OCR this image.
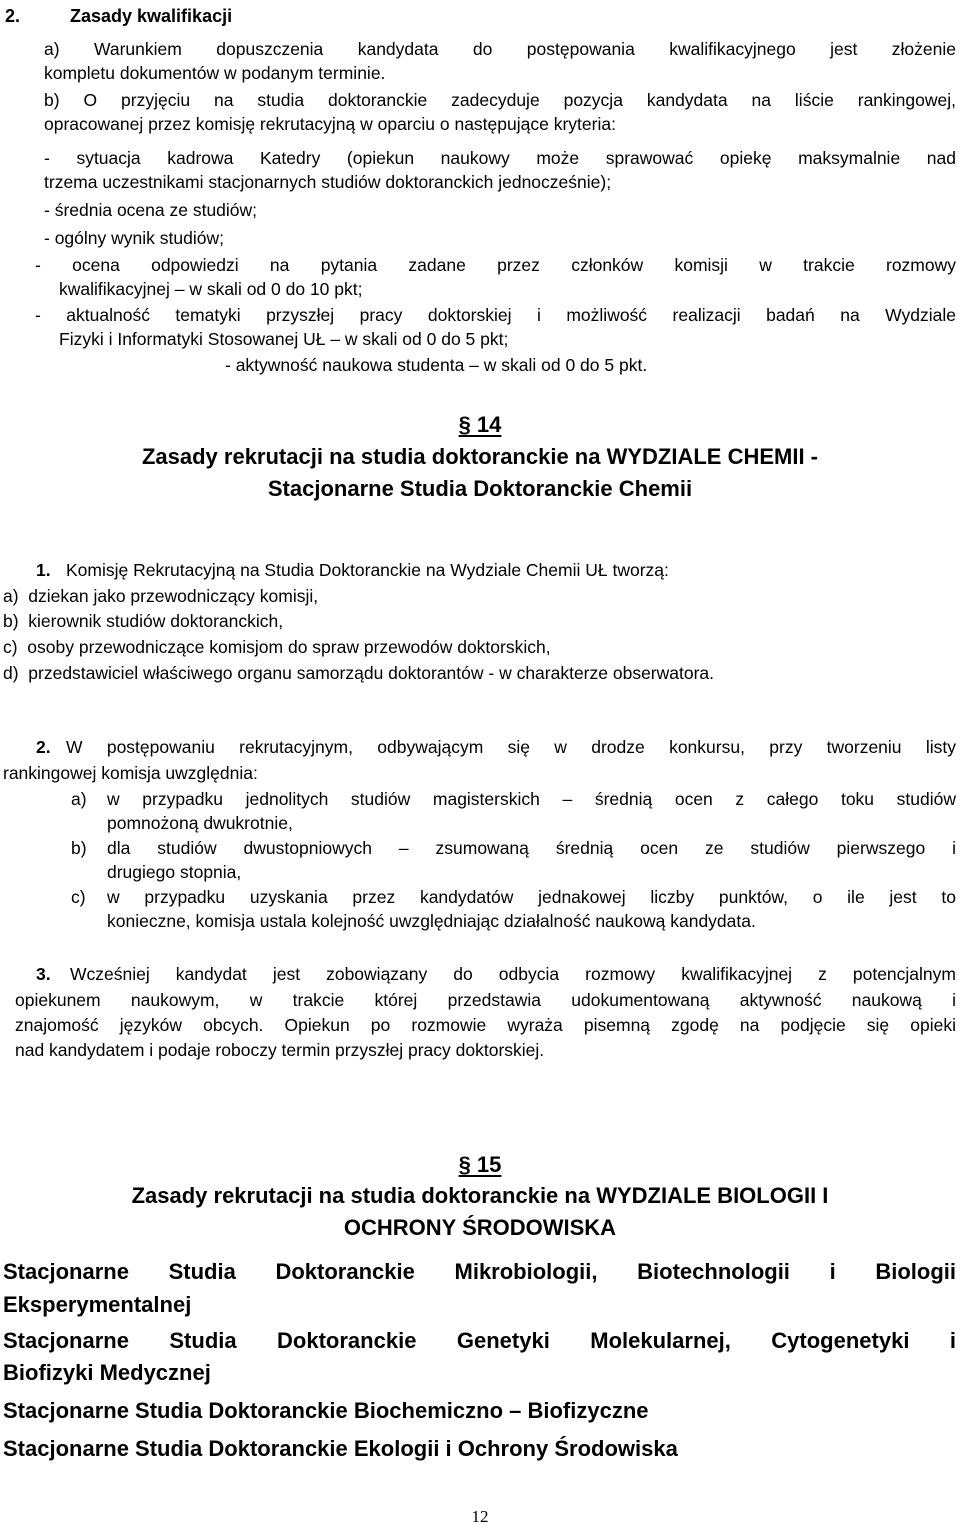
2.	Zasady kwalifikacji
a) Warunkiem dopuszczenia kandydata do postępowania kwalifikacyjnego jest złożenie
kompletu dokumentów w podanym terminie.
b) O przyjęciu na studia doktoranckie zadecyduje pozycja kandydata na liście rankingowej,
opracowanej przez komisję rekrutacyjną w oparciu o następujące kryteria:
- sytuacja kadrowa Katedry (opiekun naukowy może sprawować opiekę maksymalnie nad
trzema uczestnikami stacjonarnych studiów doktoranckich jednocześnie);
- średnia ocena ze studiów;
- ogólny wynik studiów;
- ocena odpowiedzi na pytania zadane przez członków komisji w trakcie rozmowy
kwalifikacyjnej – w skali od 0 do 10 pkt;
- aktualność tematyki przyszłej pracy doktorskiej i możliwość realizacji badań na Wydziale
Fizyki i Informatyki Stosowanej UŁ – w skali od 0 do 5 pkt;
- aktywność naukowa studenta – w skali od 0 do 5 pkt.
§ 14
Zasady rekrutacji na studia doktoranckie na WYDZIALE CHEMII -
Stacjonarne Studia Doktoranckie Chemii
1. Komisję Rekrutacyjną na Studia Doktoranckie na Wydziale Chemii UŁ tworzą:
a)  dziekan jako przewodniczący komisji,
b)  kierownik studiów doktoranckich,
c)  osoby przewodniczące komisjom do spraw przewodów doktorskich,
d)  przedstawiciel właściwego organu samorządu doktorantów - w charakterze obserwatora.
2. W postępowaniu rekrutacyjnym, odbywającym się w drodze konkursu, przy tworzeniu listy
rankingowej komisja uwzględnia:
a) w przypadku jednolitych studiów magisterskich – średnią ocen z całego toku studiów
pomnożoną dwukrotnie,
b) dla studiów dwustopniowych – zsumowaną średnią ocen ze studiów pierwszego i
drugiego stopnia,
c) w przypadku uzyskania przez kandydatów jednakowej liczby punktów, o ile jest to
konieczne, komisja ustala kolejność uwzględniając działalność naukową kandydata.
3. Wcześniej kandydat jest zobowiązany do odbycia rozmowy kwalifikacyjnej z potencjalnym
opiekunem naukowym, w trakcie której przedstawia udokumentowaną aktywność naukową i
znajomość języków obcych. Opiekun po rozmowie wyraża pisemną zgodę na podjęcie się opieki
nad kandydatem i podaje roboczy termin przyszłej pracy doktorskiej.
§ 15
Zasady rekrutacji na studia doktoranckie na WYDZIALE BIOLOGII I
OCHRONY ŚRODOWISKA
Stacjonarne Studia Doktoranckie Mikrobiologii, Biotechnologii i Biologii
Eksperymentalnej
Stacjonarne Studia Doktoranckie Genetyki Molekularnej, Cytogenetyki i
Biofizyki Medycznej
Stacjonarne Studia Doktoranckie Biochemiczno – Biofizyczne
Stacjonarne Studia Doktoranckie Ekologii i Ochrony Środowiska
12
